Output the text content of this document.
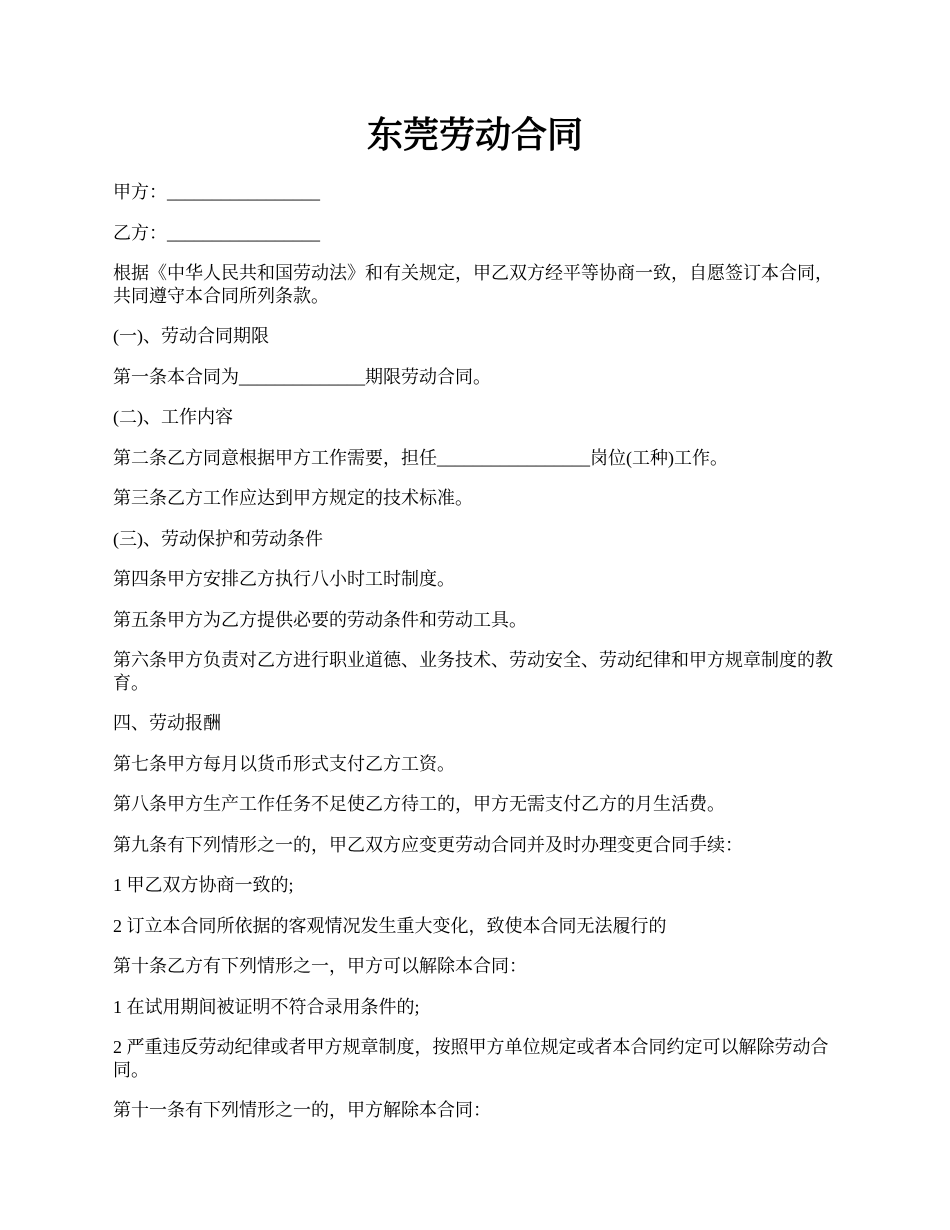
东莞劳动合同

甲方：_________________

乙方：_________________

根据《中华人民共和国劳动法》和有关规定，甲乙双方经平等协商一致，自愿签订本合同，共同遵守本合同所列条款。

(一)、劳动合同期限

第一条本合同为______________期限劳动合同。

(二)、工作内容

第二条乙方同意根据甲方工作需要，担任_________________岗位(工种)工作。

第三条乙方工作应达到甲方规定的技术标准。

(三)、劳动保护和劳动条件

第四条甲方安排乙方执行八小时工时制度。

第五条甲方为乙方提供必要的劳动条件和劳动工具。

第六条甲方负责对乙方进行职业道德、业务技术、劳动安全、劳动纪律和甲方规章制度的教育。

四、劳动报酬

第七条甲方每月以货币形式支付乙方工资。

第八条甲方生产工作任务不足使乙方待工的，甲方无需支付乙方的月生活费。

第九条有下列情形之一的，甲乙双方应变更劳动合同并及时办理变更合同手续：

1 甲乙双方协商一致的;

2 订立本合同所依据的客观情况发生重大变化，致使本合同无法履行的

第十条乙方有下列情形之一，甲方可以解除本合同：

1 在试用期间被证明不符合录用条件的;

2 严重违反劳动纪律或者甲方规章制度，按照甲方单位规定或者本合同约定可以解除劳动合同。

第十一条有下列情形之一的，甲方解除本合同：
